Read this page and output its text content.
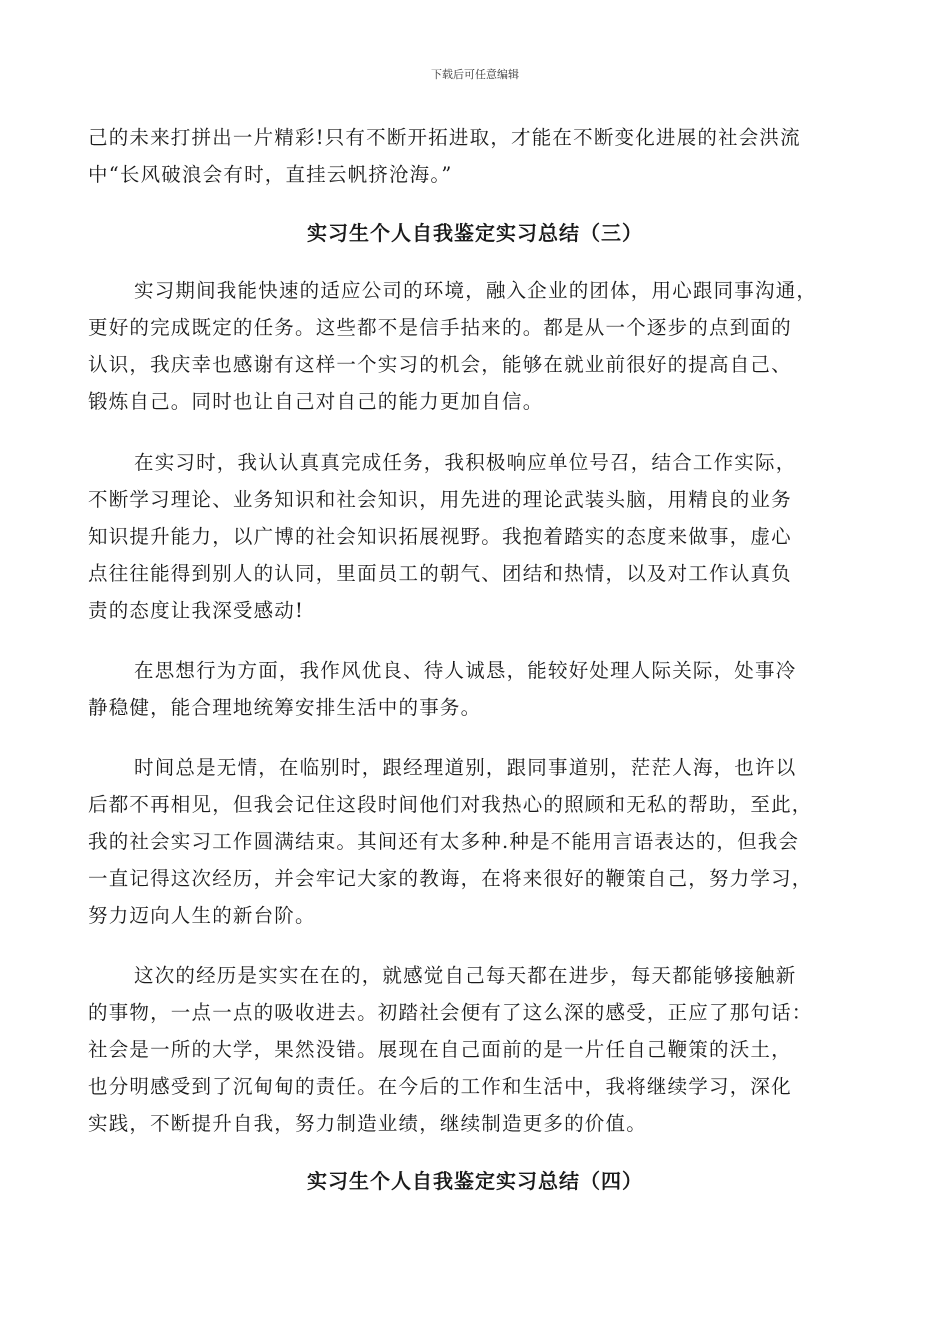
下载后可任意编辑
己的未来打拼出一片精彩!只有不断开拓进取，才能在不断变化进展的社会洪流
中“长风破浪会有时，直挂云帆挤沧海。”
实习生个人自我鉴定实习总结（三）
实习期间我能快速的适应公司的环境，融入企业的团体，用心跟同事沟通，
更好的完成既定的任务。这些都不是信手拈来的。都是从一个逐步的点到面的
认识，我庆幸也感谢有这样一个实习的机会，能够在就业前很好的提高自己、
锻炼自己。同时也让自己对自己的能力更加自信。
在实习时，我认认真真完成任务，我积极响应单位号召，结合工作实际，
不断学习理论、业务知识和社会知识，用先进的理论武装头脑，用精良的业务
知识提升能力，以广博的社会知识拓展视野。我抱着踏实的态度来做事，虚心
点往往能得到别人的认同，里面员工的朝气、团结和热情，以及对工作认真负
责的态度让我深受感动!
在思想行为方面，我作风优良、待人诚恳，能较好处理人际关际，处事冷
静稳健，能合理地统筹安排生活中的事务。
时间总是无情，在临别时，跟经理道别，跟同事道别，茫茫人海，也许以
后都不再相见，但我会记住这段时间他们对我热心的照顾和无私的帮助，至此，
我的社会实习工作圆满结束。其间还有太多种.种是不能用言语表达的，但我会
一直记得这次经历，并会牢记大家的教诲，在将来很好的鞭策自己，努力学习，
努力迈向人生的新台阶。
这次的经历是实实在在的，就感觉自己每天都在进步，每天都能够接触新
的事物，一点一点的吸收进去。初踏社会便有了这么深的感受，正应了那句话：
社会是一所的大学，果然没错。展现在自己面前的是一片任自己鞭策的沃土，
也分明感受到了沉甸甸的责任。在今后的工作和生活中，我将继续学习，深化
实践，不断提升自我，努力制造业绩，继续制造更多的价值。
实习生个人自我鉴定实习总结（四）
